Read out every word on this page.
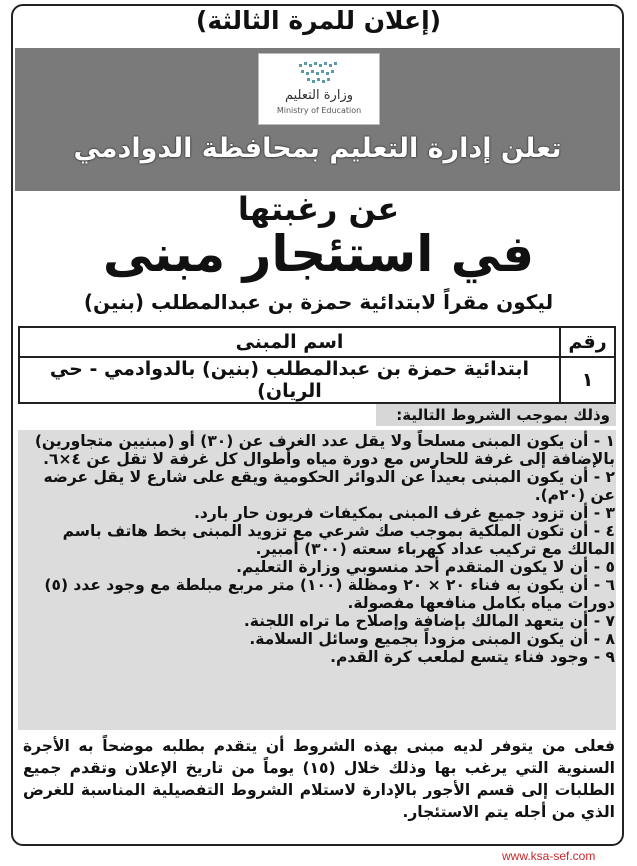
(إعلان للمرة الثالثة)
وزارة التعليم
Ministry of Education
تعلن إدارة التعليم بمحافظة الدوادمي
عن رغبتها
في استئجار مبنى
ليكون مقراً لابتدائية حمزة بن عبدالمطلب (بنين)
رقم	اسم المبنى
١	ابتدائية حمزة بن عبدالمطلب (بنين) بالدوادمي - حي الريان)
وذلك بموجب الشروط التالية:
١ - أن يكون المبنى مسلحاً ولا يقل عدد الغرف عن (٣٠) أو (مبنيين متجاورين) بالإضافة إلى غرفة للحارس مع دورة مياه وأطوال كل غرفة لا تقل عن ٤×٦.
٢ - أن يكون المبنى بعيداً عن الدوائر الحكومية ويقع على شارع لا يقل عرضه عن (٢٠م).
٣ - أن تزود جميع غرف المبنى بمكيفات فريون حار بارد.
٤ - أن تكون الملكية بموجب صك شرعي مع تزويد المبنى بخط هاتف باسم المالك مع تركيب عداد كهرباء سعته (٣٠٠) أمبير.
٥ - أن لا يكون المتقدم أحد منسوبي وزارة التعليم.
٦ - أن يكون به فناء ٢٠ × ٢٠ ومظلة (١٠٠) متر مربع مبلطة مع وجود عدد (٥) دورات مياه بكامل منافعها مفصولة.
٧ - أن يتعهد المالك بإضافة وإصلاح ما تراه اللجنة.
٨ - أن يكون المبنى مزوداً بجميع وسائل السلامة.
٩ - وجود فناء يتسع لملعب كرة القدم.
فعلى من يتوفر لديه مبنى بهذه الشروط أن يتقدم بطلبه موضحاً به الأجرة السنوية التي يرغب بها وذلك خلال (١٥) يوماً من تاريخ الإعلان وتقدم جميع الطلبات إلى قسم الأجور بالإدارة لاستلام الشروط التفصيلية المناسبة للغرض الذي من أجله يتم الاستئجار.
www.ksa-sef.com
